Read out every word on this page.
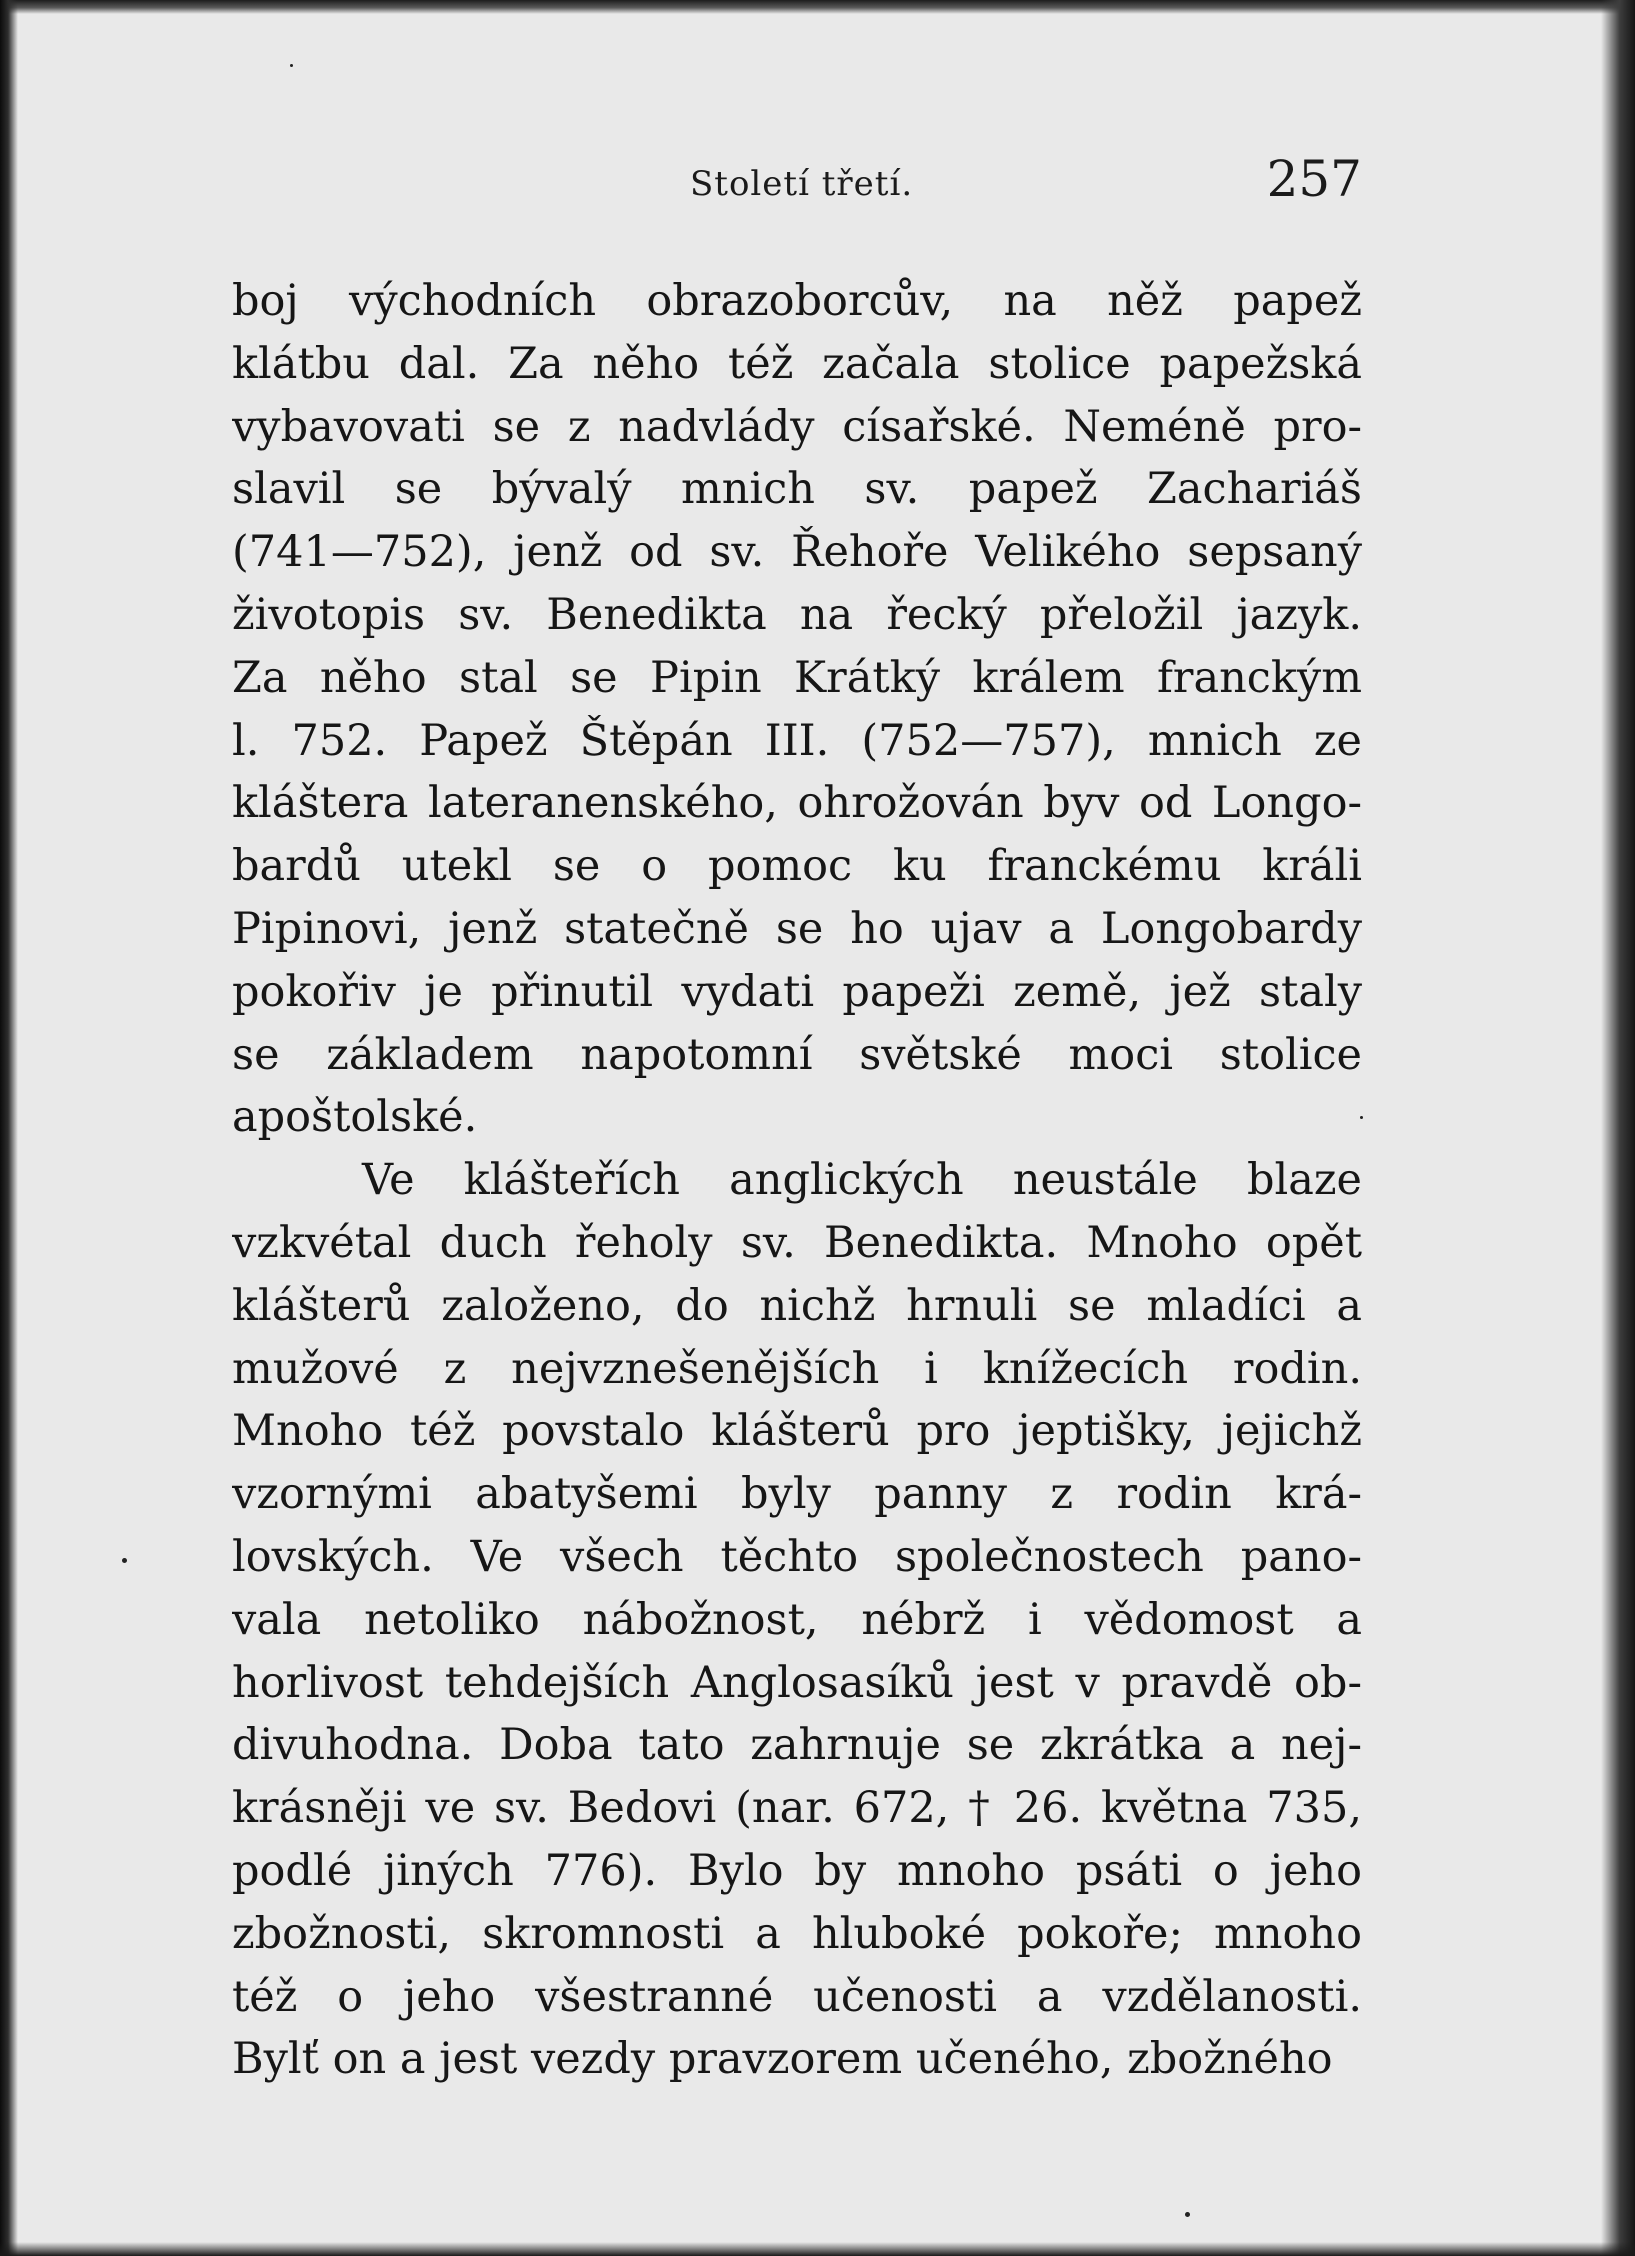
Století třetí.	257
boj východních obrazoborcův, na něž papež
klátbu dal. Za něho též začala stolice papežská
vybavovati se z nadvlády císařské. Neméně pro-
slavil se bývalý mnich sv. papež Zachariáš
(741—752), jenž od sv. Řehoře Velikého sepsaný
životopis sv. Benedikta na řecký přeložil jazyk.
Za něho stal se Pipin Krátký králem franckým
l. 752. Papež Štěpán III. (752—757), mnich ze
kláštera lateranenského, ohrožován byv od Longo-
bardů utekl se o pomoc ku franckému králi
Pipinovi, jenž statečně se ho ujav a Longobardy
pokořiv je přinutil vydati papeži země, jež staly
se základem napotomní světské moci stolice
apoštolské.
Ve klášteřích anglických neustále blaze
vzkvétal duch řeholy sv. Benedikta. Mnoho opět
klášterů založeno, do nichž hrnuli se mladíci a
mužové z nejvznešenějších i knížecích rodin.
Mnoho též povstalo klášterů pro jeptišky, jejichž
vzornými abatyšemi byly panny z rodin krá-
lovských. Ve všech těchto společnostech pano-
vala netoliko nábožnost, nébrž i vědomost a
horlivost tehdejších Anglosasíků jest v pravdě ob-
divuhodna. Doba tato zahrnuje se zkrátka a nej-
krásněji ve sv. Bedovi (nar. 672, † 26. května 735,
podlé jiných 776). Bylo by mnoho psáti o jeho
zbožnosti, skromnosti a hluboké pokoře; mnoho
též o jeho všestranné učenosti a vzdělanosti.
Bylť on a jest vezdy pravzorem učeného, zbožného
